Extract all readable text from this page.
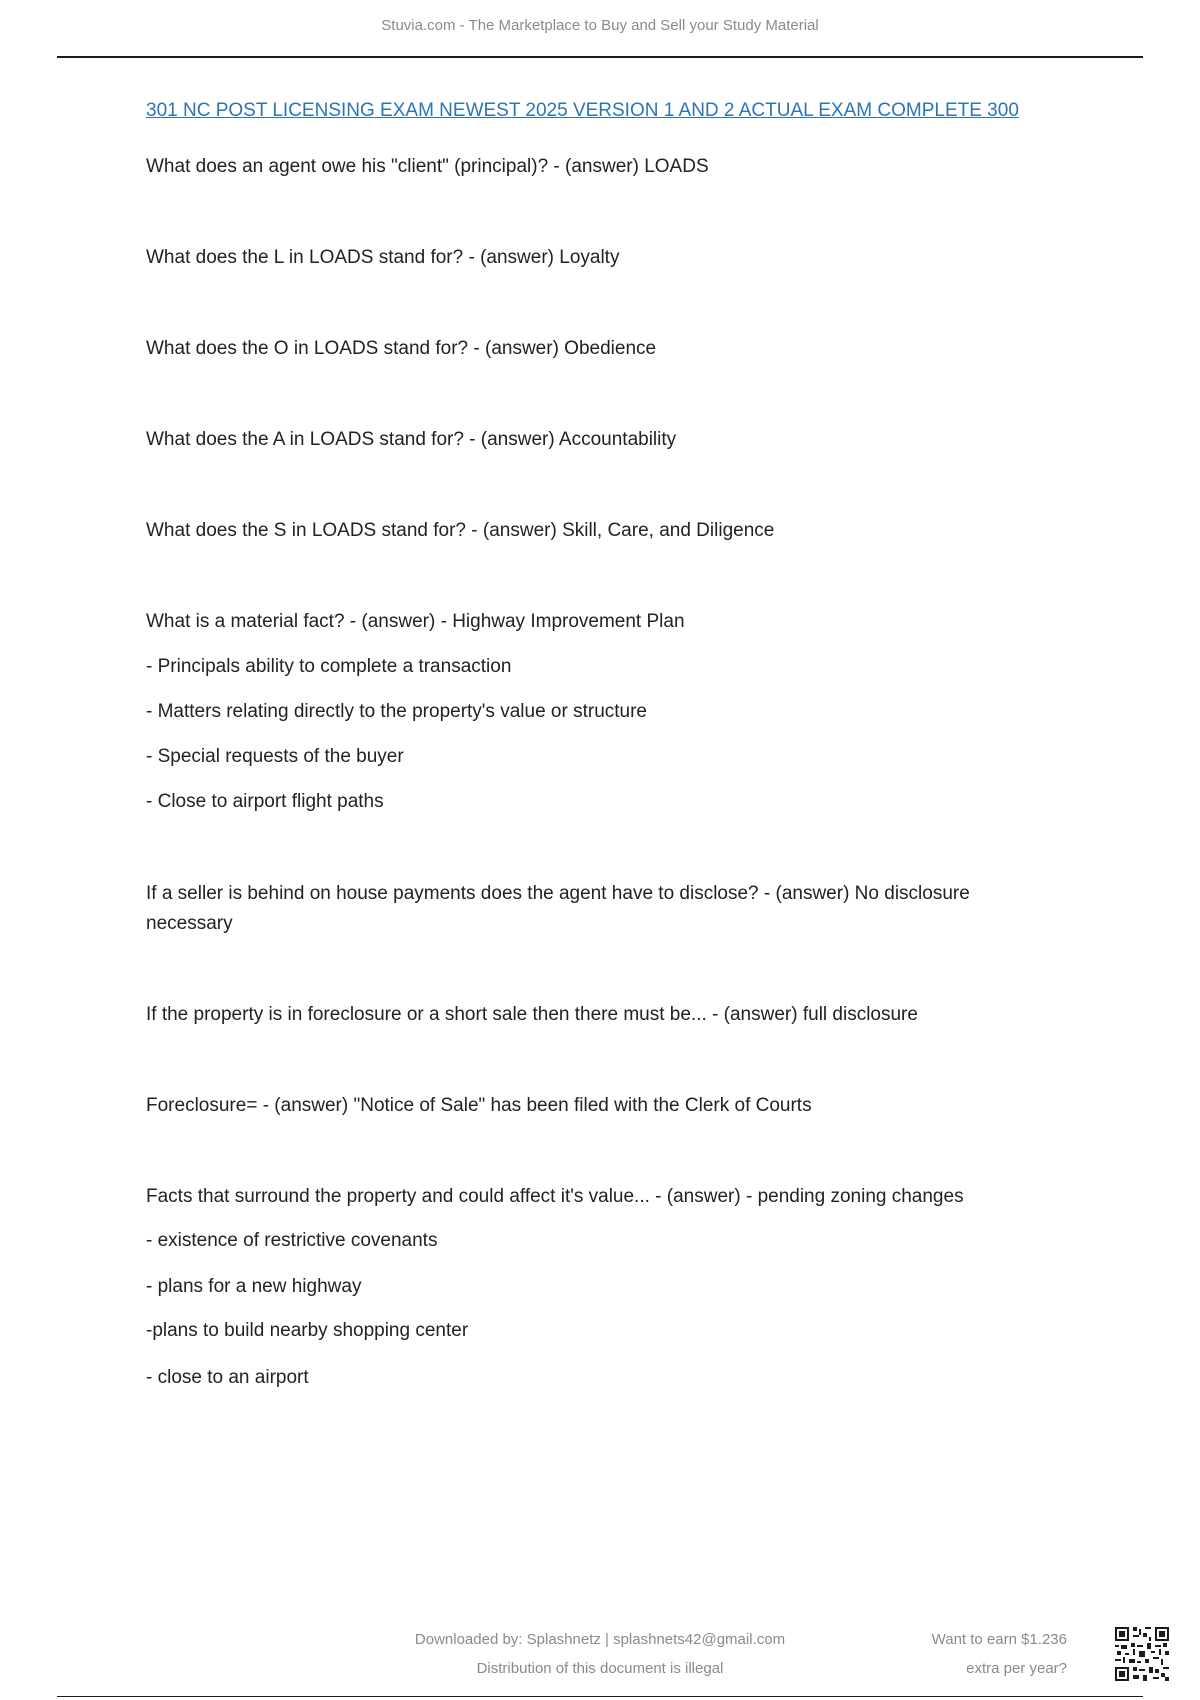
Stuvia.com - The Marketplace to Buy and Sell your Study Material
301 NC POST LICENSING EXAM NEWEST 2025 VERSION 1 AND 2 ACTUAL EXAM COMPLETE 300
What does an agent owe his "client" (principal)? - (answer) LOADS
What does the L in LOADS stand for? - (answer) Loyalty
What does the O in LOADS stand for? - (answer) Obedience
What does the A in LOADS stand for? - (answer) Accountability
What does the S in LOADS stand for? - (answer) Skill, Care, and Diligence
What is a material fact? - (answer) - Highway Improvement Plan
- Principals ability to complete a transaction
- Matters relating directly to the property's value or structure
- Special requests of the buyer
- Close to airport flight paths
If a seller is behind on house payments does the agent have to disclose? - (answer) No disclosure necessary
If the property is in foreclosure or a short sale then there must be... - (answer) full disclosure
Foreclosure= - (answer) "Notice of Sale" has been filed with the Clerk of Courts
Facts that surround the property and could affect it's value... - (answer) - pending zoning changes
- existence of restrictive covenants
- plans for a new highway
-plans to build nearby shopping center
- close to an airport
Downloaded by: Splashnetz | splashnets42@gmail.com
Distribution of this document is illegal
Want to earn $1.236
extra per year?
